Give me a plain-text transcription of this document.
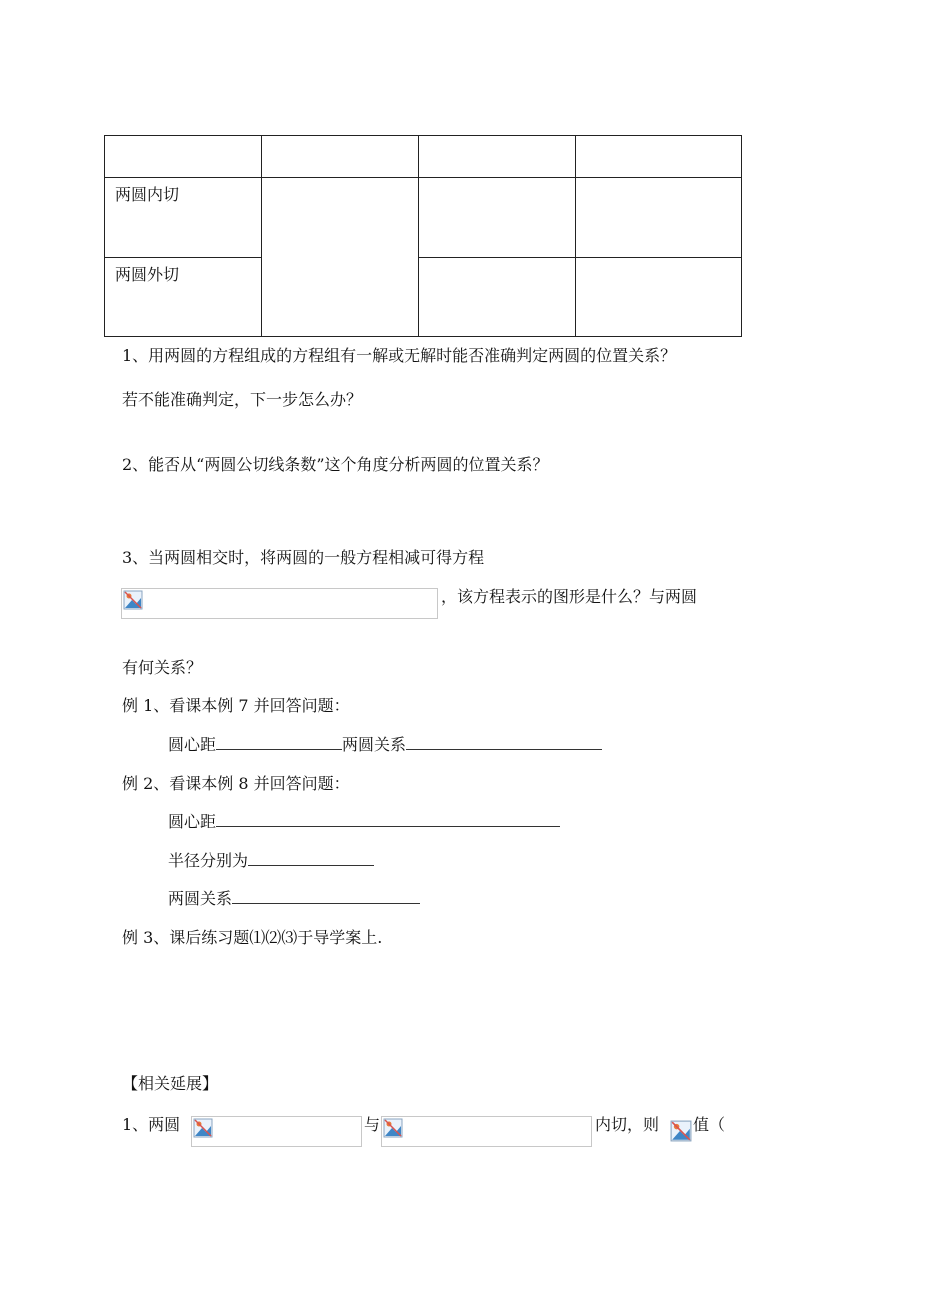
两圆内切			
两圆外切			
1、用两圆的方程组成的方程组有一解或无解时能否准确判定两圆的位置关系？
若不能准确判定，下一步怎么办？
2、能否从“两圆公切线条数”这个角度分析两圆的位置关系？
3、当两圆相交时，将两圆的一般方程相减可得方程
，该方程表示的图形是什么？与两圆
有何关系？
例 1、看课本例 7 并回答问题：
圆心距	两圆关系
例 2、看课本例 8 并回答问题：
圆心距
半径分别为
两圆关系
例 3、课后练习题⑴⑵⑶于导学案上.
【相关延展】
1、两圆	与	内切，则 值（
